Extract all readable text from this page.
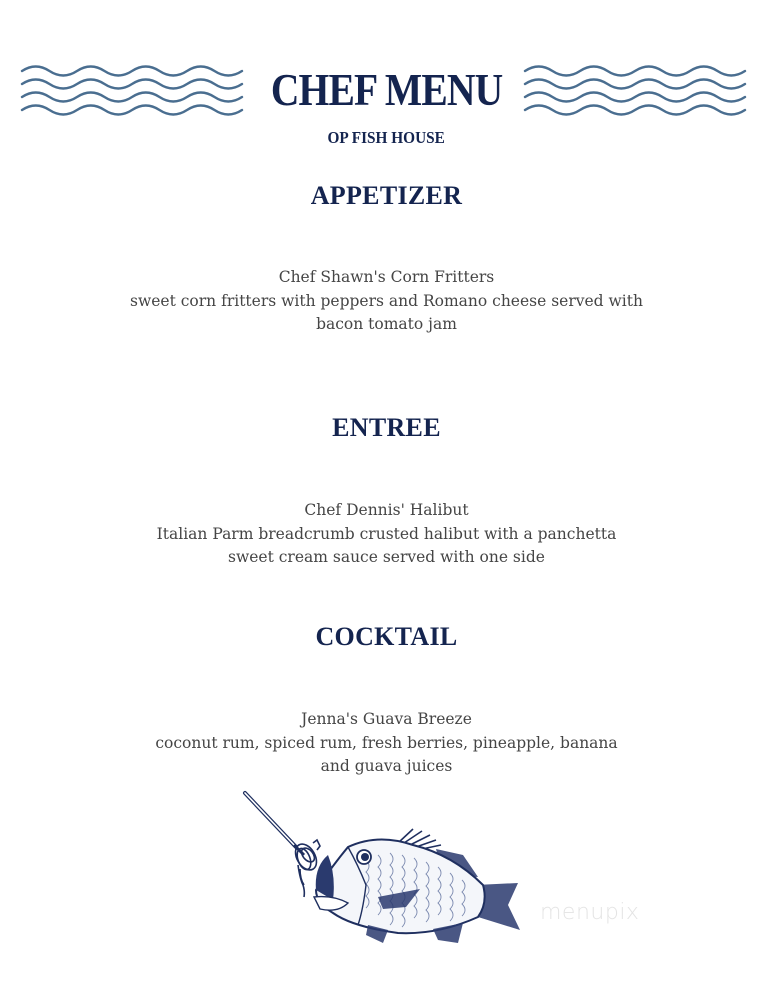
CHEF MENU
OP FISH HOUSE
APPETIZER
Chef Shawn's Corn Fritters
sweet corn fritters with peppers and Romano cheese served with
bacon tomato jam
ENTREE
Chef Dennis' Halibut
Italian Parm breadcrumb crusted halibut with a panchetta
sweet cream sauce served with one side
COCKTAIL
Jenna's Guava Breeze
coconut rum, spiced rum, fresh berries, pineapple, banana
and guava juices
menupix
